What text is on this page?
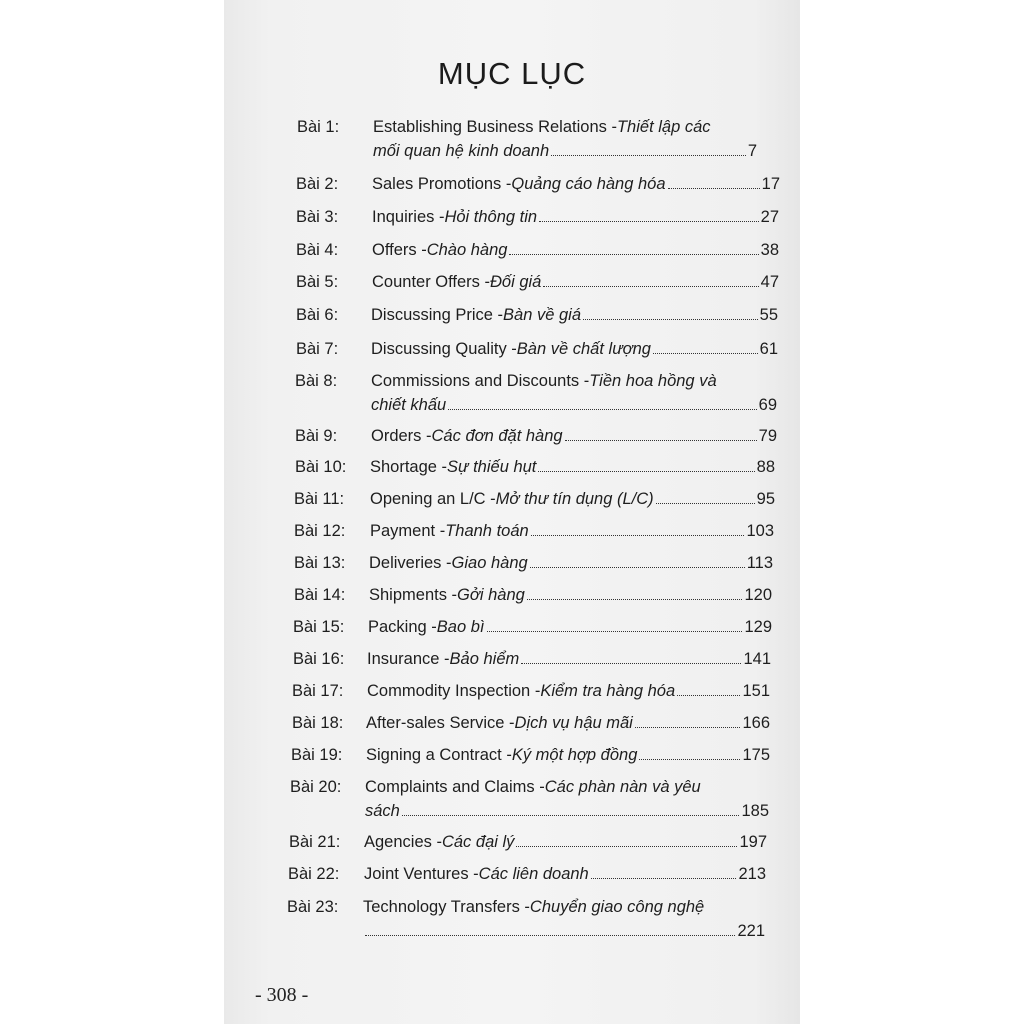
MỤC LỤC
Bài 1: Establishing Business Relations - Thiết lập các
mối quan hệ kinh doanh	7
Bài 2: Sales Promotions - Quảng cáo hàng hóa	17
Bài 3: Inquiries - Hỏi thông tin	27
Bài 4: Offers - Chào hàng	38
Bài 5: Counter Offers - Đối giá	47
Bài 6: Discussing Price - Bàn về giá	55
Bài 7: Discussing Quality - Bàn về chất lượng	61
Bài 8: Commissions and Discounts - Tiền hoa hồng và
chiết khấu	69
Bài 9: Orders - Các đơn đặt hàng	79
Bài 10: Shortage - Sự thiếu hụt	88
Bài 11: Opening an L/C - Mở thư tín dụng (L/C)	95
Bài 12: Payment - Thanh toán	103
Bài 13: Deliveries - Giao hàng	113
Bài 14: Shipments - Gởi hàng	120
Bài 15: Packing - Bao bì	129
Bài 16: Insurance - Bảo hiểm	141
Bài 17: Commodity Inspection - Kiểm tra hàng hóa	151
Bài 18: After-sales Service - Dịch vụ hậu mãi	166
Bài 19: Signing a Contract - Ký một hợp đồng	175
Bài 20: Complaints and Claims - Các phàn nàn và yêu
sách	185
Bài 21: Agencies - Các đại lý	197
Bài 22: Joint Ventures - Các liên doanh	213
Bài 23: Technology Transfers - Chuyển giao công nghệ
221
- 308 -
